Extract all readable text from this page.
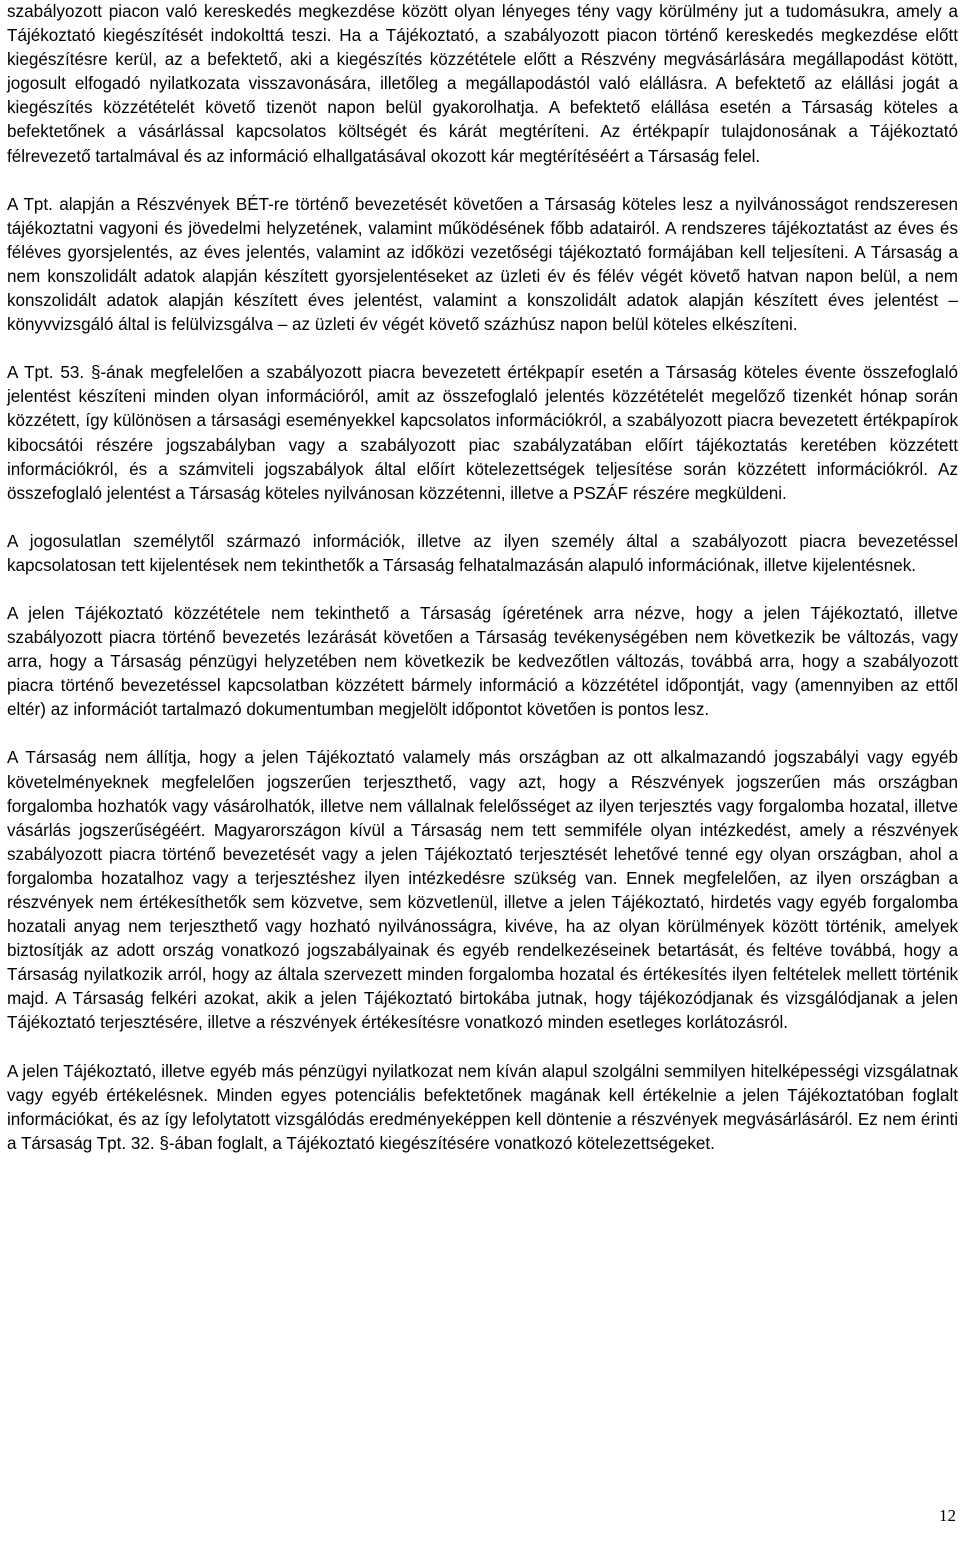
szabályozott piacon való kereskedés megkezdése között olyan lényeges tény vagy körülmény jut a tudomásukra, amely a Tájékoztató kiegészítését indokolttá teszi. Ha a Tájékoztató, a szabályozott piacon történő kereskedés megkezdése előtt kiegészítésre kerül, az a befektető, aki a kiegészítés közzététele előtt a Részvény megvásárlására megállapodást kötött, jogosult elfogadó nyilatkozata visszavonására, illetőleg a megállapodástól való elállásra. A befektető az elállási jogát a kiegészítés közzétételét követő tizenöt napon belül gyakorolhatja. A befektető elállása esetén a Társaság köteles a befektetőnek a vásárlással kapcsolatos költségét és kárát megtéríteni. Az értékpapír tulajdonosának a Tájékoztató félrevezető tartalmával és az információ elhallgatásával okozott kár megtérítéséért a Társaság felel.

A Tpt. alapján a Részvények BÉT-re történő bevezetését követően a Társaság köteles lesz a nyilvánosságot rendszeresen tájékoztatni vagyoni és jövedelmi helyzetének, valamint működésének főbb adatairól. A rendszeres tájékoztatást az éves és féléves gyorsjelentés, az éves jelentés, valamint az időközi vezetőségi tájékoztató formájában kell teljesíteni. A Társaság a nem konszolidált adatok alapján készített gyorsjelentéseket az üzleti év és félév végét követő hatvan napon belül, a nem konszolidált adatok alapján készített éves jelentést, valamint a konszolidált adatok alapján készített éves jelentést – könyvvizsgáló által is felülvizsgálva – az üzleti év végét követő százhúsz napon belül köteles elkészíteni.

A Tpt. 53. §-ának megfelelően a szabályozott piacra bevezetett értékpapír esetén a Társaság köteles évente összefoglaló jelentést készíteni minden olyan információról, amit az összefoglaló jelentés közzétételét megelőző tizenkét hónap során közzétett, így különösen a társasági eseményekkel kapcsolatos információkról, a szabályozott piacra bevezetett értékpapírok kibocsátói részére jogszabályban vagy a szabályozott piac szabályzatában előírt tájékoztatás keretében közzétett információkról, és a számviteli jogszabályok által előírt kötelezettségek teljesítése során közzétett információkról. Az összefoglaló jelentést a Társaság köteles nyilvánosan közzétenni, illetve a PSZÁF részére megküldeni.

A jogosulatlan személytől származó információk, illetve az ilyen személy által a szabályozott piacra bevezetéssel kapcsolatosan tett kijelentések nem tekinthetők a Társaság felhatalmazásán alapuló információnak, illetve kijelentésnek.

A jelen Tájékoztató közzététele nem tekinthető a Társaság ígéretének arra nézve, hogy a jelen Tájékoztató, illetve szabályozott piacra történő bevezetés lezárását követően a Társaság tevékenységében nem következik be változás, vagy arra, hogy a Társaság pénzügyi helyzetében nem következik be kedvezőtlen változás, továbbá arra, hogy a szabályozott piacra történő bevezetéssel kapcsolatban közzétett bármely információ a közzététel időpontját, vagy (amennyiben az ettől eltér) az információt tartalmazó dokumentumban megjelölt időpontot követően is pontos lesz.

A Társaság nem állítja, hogy a jelen Tájékoztató valamely más országban az ott alkalmazandó jogszabályi vagy egyéb követelményeknek megfelelően jogszerűen terjeszthető, vagy azt, hogy a Részvények jogszerűen más országban forgalomba hozhatók vagy vásárolhatók, illetve nem vállalnak felelősséget az ilyen terjesztés vagy forgalomba hozatal, illetve vásárlás jogszerűségéért. Magyarországon kívül a Társaság nem tett semmiféle olyan intézkedést, amely a részvények szabályozott piacra történő bevezetését vagy a jelen Tájékoztató terjesztését lehetővé tenné egy olyan országban, ahol a forgalomba hozatalhoz vagy a terjesztéshez ilyen intézkedésre szükség van. Ennek megfelelően, az ilyen országban a részvények nem értékesíthetők sem közvetve, sem közvetlenül, illetve a jelen Tájékoztató, hirdetés vagy egyéb forgalomba hozatali anyag nem terjeszthető vagy hozható nyilvánosságra, kivéve, ha az olyan körülmények között történik, amelyek biztosítják az adott ország vonatkozó jogszabályainak és egyéb rendelkezéseinek betartását, és feltéve továbbá, hogy a Társaság nyilatkozik arról, hogy az általa szervezett minden forgalomba hozatal és értékesítés ilyen feltételek mellett történik majd. A Társaság felkéri azokat, akik a jelen Tájékoztató birtokába jutnak, hogy tájékozódjanak és vizsgálódjanak a jelen Tájékoztató terjesztésére, illetve a részvények értékesítésre vonatkozó minden esetleges korlátozásról.

A jelen Tájékoztató, illetve egyéb más pénzügyi nyilatkozat nem kíván alapul szolgálni semmilyen hitelképességi vizsgálatnak vagy egyéb értékelésnek. Minden egyes potenciális befektetőnek magának kell értékelnie a jelen Tájékoztatóban foglalt információkat, és az így lefolytatott vizsgálódás eredményeképpen kell döntenie a részvények megvásárlásáról. Ez nem érinti a Társaság Tpt. 32. §-ában foglalt, a Tájékoztató kiegészítésére vonatkozó kötelezettségeket.

12
